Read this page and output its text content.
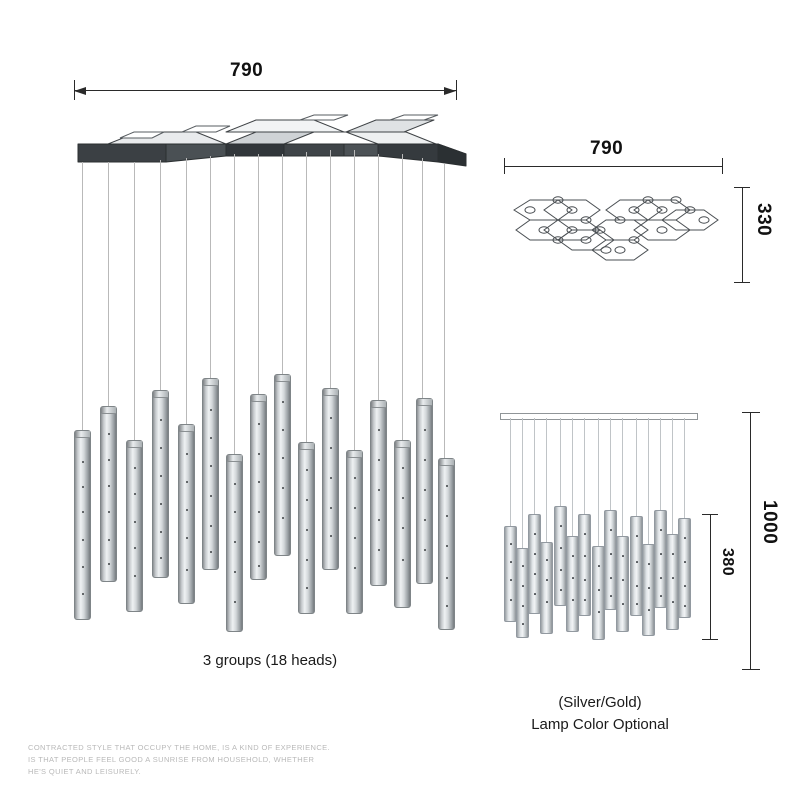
790
3 groups (18 heads)
790
330
380
1000
(Silver/Gold)
Lamp Color Optional
CONTRACTED STYLE THAT OCCUPY THE HOME, IS A KIND OF EXPERIENCE.
IS THAT PEOPLE FEEL GOOD A SUNRISE FROM HOUSEHOLD, WHETHER
HE'S QUIET AND LEISURELY.
